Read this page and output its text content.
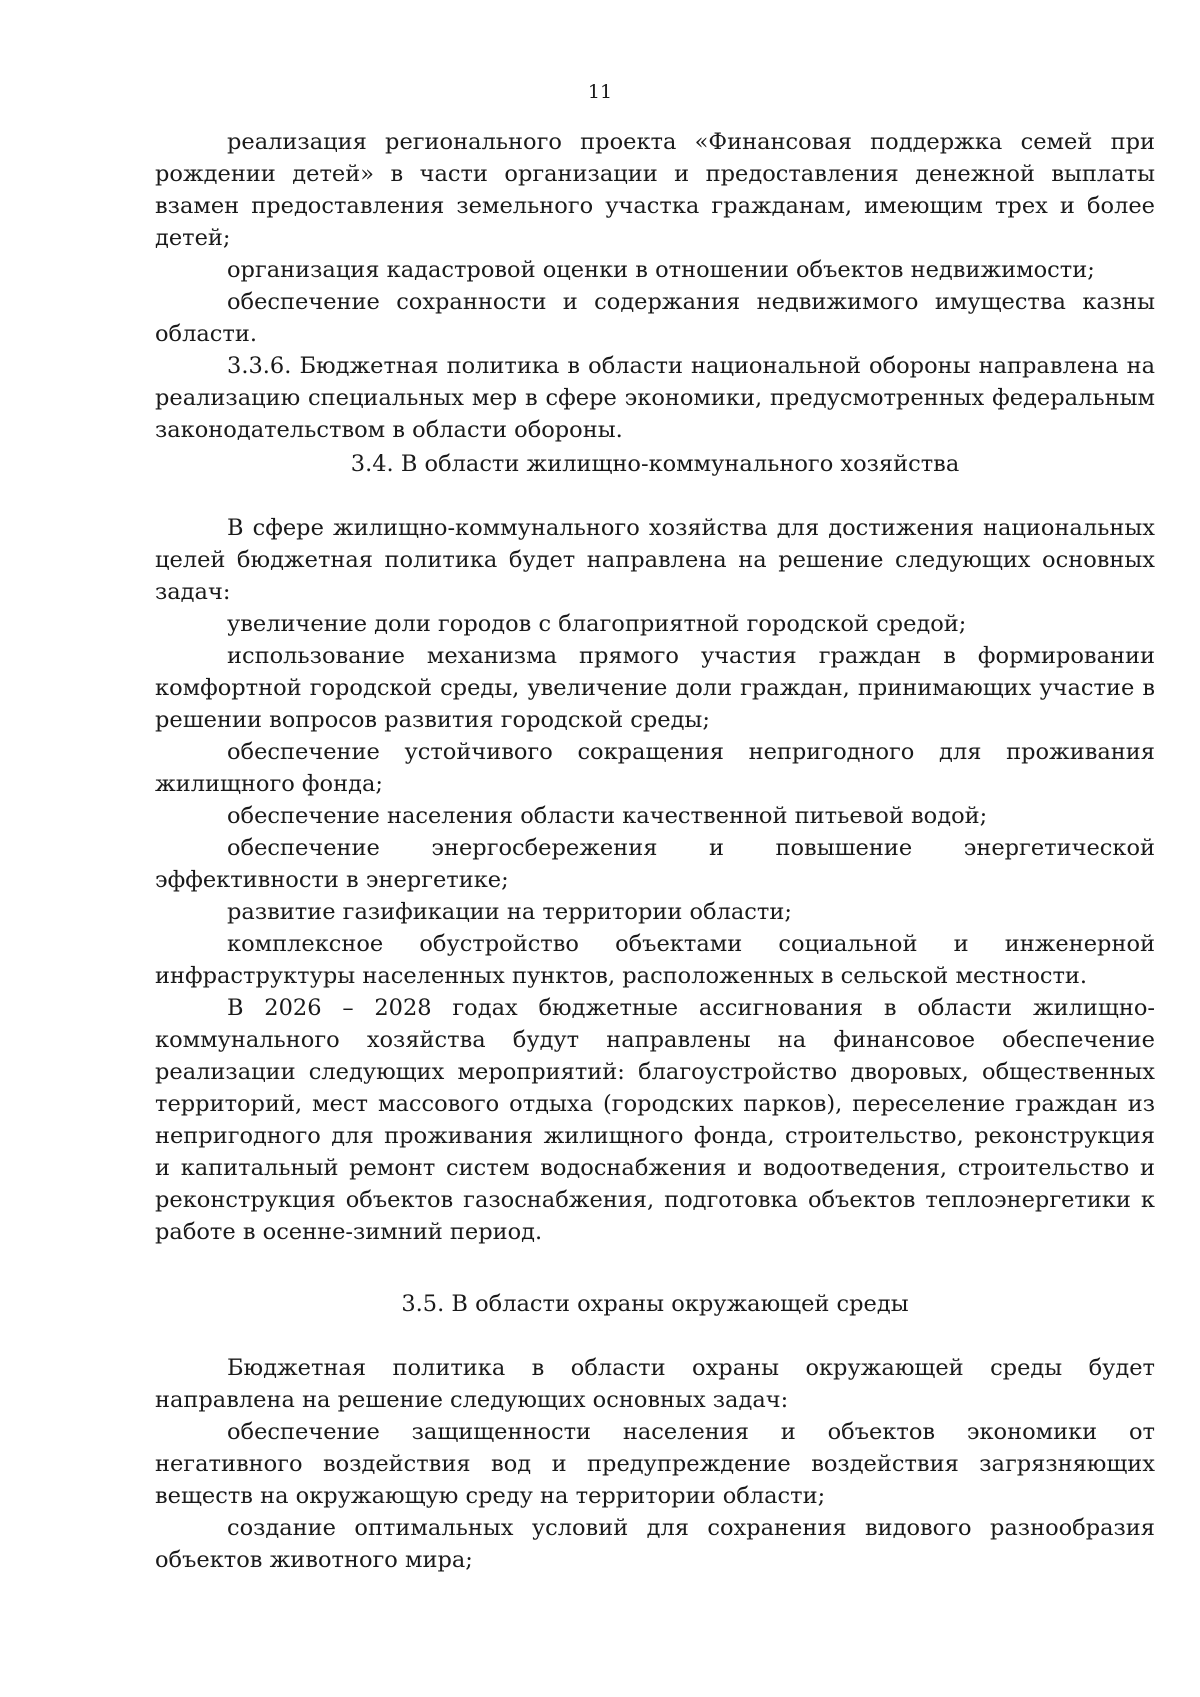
11

реализация регионального проекта «Финансовая поддержка семей при рождении детей» в части организации и предоставления денежной выплаты взамен предоставления земельного участка гражданам, имеющим трех и более детей;

организация кадастровой оценки в отношении объектов недвижимости;

обеспечение сохранности и содержания недвижимого имущества казны области.

3.3.6. Бюджетная политика в области национальной обороны направлена на реализацию специальных мер в сфере экономики, предусмотренных федеральным законодательством в области обороны.

3.4. В области жилищно-коммунального хозяйства

В сфере жилищно-коммунального хозяйства для достижения национальных целей бюджетная политика будет направлена на решение следующих основных задач:

увеличение доли городов с благоприятной городской средой;

использование механизма прямого участия граждан в формировании комфортной городской среды, увеличение доли граждан, принимающих участие в решении вопросов развития городской среды;

обеспечение устойчивого сокращения непригодного для проживания жилищного фонда;

обеспечение населения области качественной питьевой водой;

обеспечение энергосбережения и повышение энергетической эффективности в энергетике;

развитие газификации на территории области;

комплексное обустройство объектами социальной и инженерной инфраструктуры населенных пунктов, расположенных в сельской местности.

В 2026 – 2028 годах бюджетные ассигнования в области жилищно-коммунального хозяйства будут направлены на финансовое обеспечение реализации следующих мероприятий: благоустройство дворовых, общественных территорий, мест массового отдыха (городских парков), переселение граждан из непригодного для проживания жилищного фонда, строительство, реконструкция и капитальный ремонт систем водоснабжения и водоотведения, строительство и реконструкция объектов газоснабжения, подготовка объектов теплоэнергетики к работе в осенне-зимний период.

3.5. В области охраны окружающей среды

Бюджетная политика в области охраны окружающей среды будет направлена на решение следующих основных задач:

обеспечение защищенности населения и объектов экономики от негативного воздействия вод и предупреждение воздействия загрязняющих веществ на окружающую среду на территории области;

создание оптимальных условий для сохранения видового разнообразия объектов животного мира;
